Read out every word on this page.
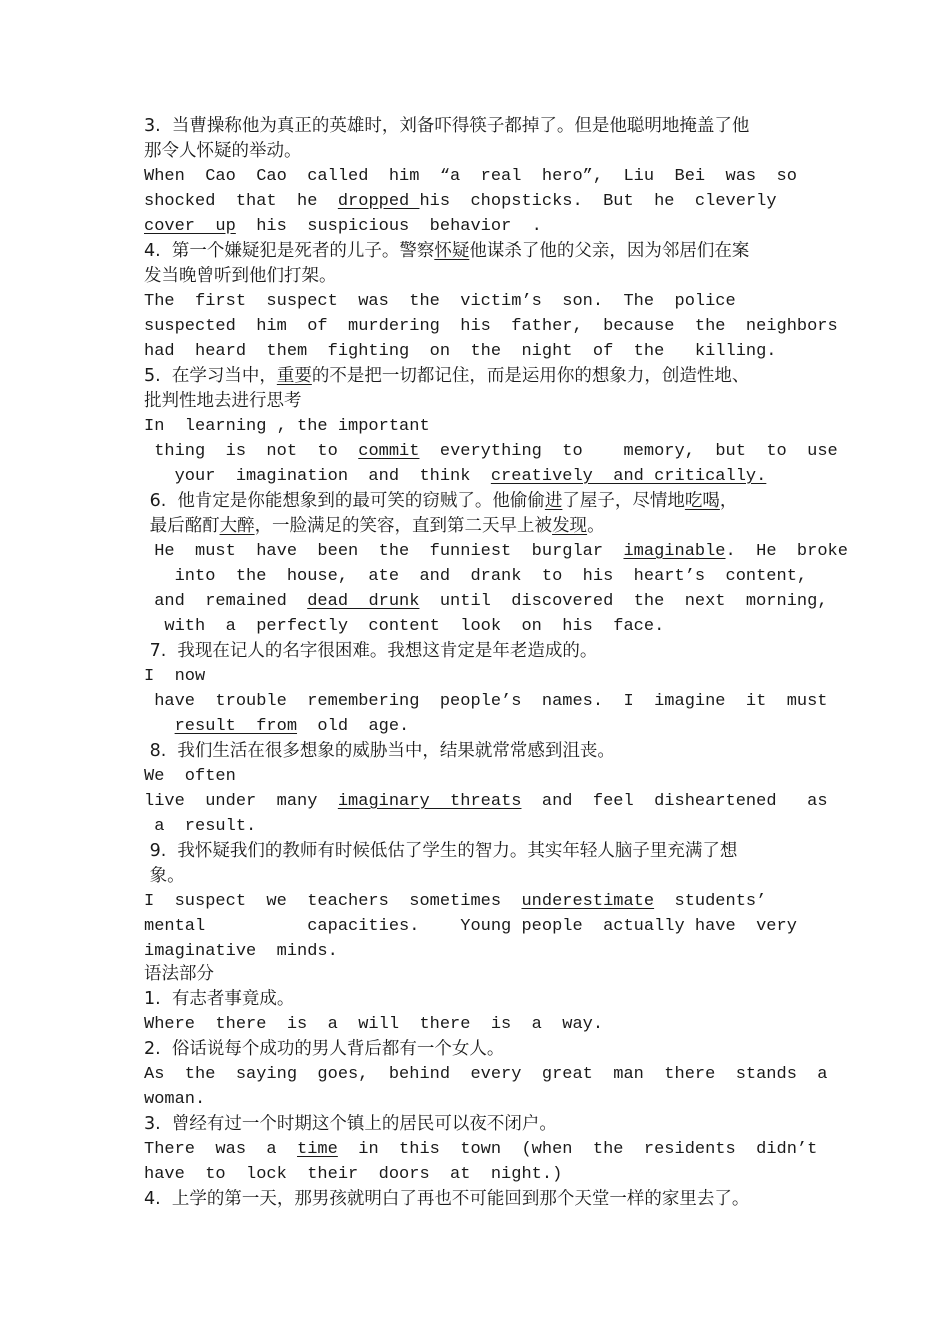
3.  当曹操称他为真正的英雄时，刘备吓得筷子都掉了。但是他聪明地掩盖了他
那令人怀疑的举动。
When  Cao  Cao  called  him  “a  real  hero”,  Liu  Bei  was  so
shocked  that  he  dropped his  chopsticks.  But  he  cleverly
cover  up  his  suspicious  behavior  .
4.  第一个嫌疑犯是死者的儿子。警察怀疑他谋杀了他的父亲，因为邻居们在案
发当晚曾听到他们打架。
The  first  suspect  was  the  victim’s  son.  The  police
suspected  him  of  murdering  his  father,  because  the  neighbors
had  heard  them  fighting  on  the  night  of  the   killing.
5.  在学习当中，重要的不是把一切都记住，而是运用你的想象力，创造性地、
批判性地去进行思考
In  learning , the important
thing  is  not  to  commit  everything  to    memory,  but  to  use
your  imagination  and  think  creatively  and critically.
6.  他肯定是你能想象到的最可笑的窃贼了。他偷偷进了屋子，尽情地吃喝，
最后酩酊大醉，一脸满足的笑容，直到第二天早上被发现。
He  must  have  been  the  funniest  burglar  imaginable.  He  broke
into  the  house,  ate  and  drank  to  his  heart’s  content,
and  remained  dead  drunk  until  discovered  the  next  morning,
with  a  perfectly  content  look  on  his  face.
7.  我现在记人的名字很困难。我想这肯定是年老造成的。
I  now
have  trouble  remembering  people’s  names.  I  imagine  it  must
result  from  old  age.
8.  我们生活在很多想象的威胁当中，结果就常常感到沮丧。
We  often
live  under  many  imaginary  threats  and  feel  disheartened   as
a  result.
9.  我怀疑我们的教师有时候低估了学生的智力。其实年轻人脑子里充满了想
象。
I  suspect  we  teachers  sometimes  underestimate  students’
mental          capacities.    Young people  actually have  very
imaginative  minds.
语法部分
1.  有志者事竟成。
Where  there  is  a  will  there  is  a  way.
2.  俗话说每个成功的男人背后都有一个女人。
As  the  saying  goes,  behind  every  great  man  there  stands  a
woman.
3.  曾经有过一个时期这个镇上的居民可以夜不闭户。
There  was  a  time  in  this  town  (when  the  residents  didn’t
have  to  lock  their  doors  at  night.)
4.  上学的第一天，那男孩就明白了再也不可能回到那个天堂一样的家里去了。
